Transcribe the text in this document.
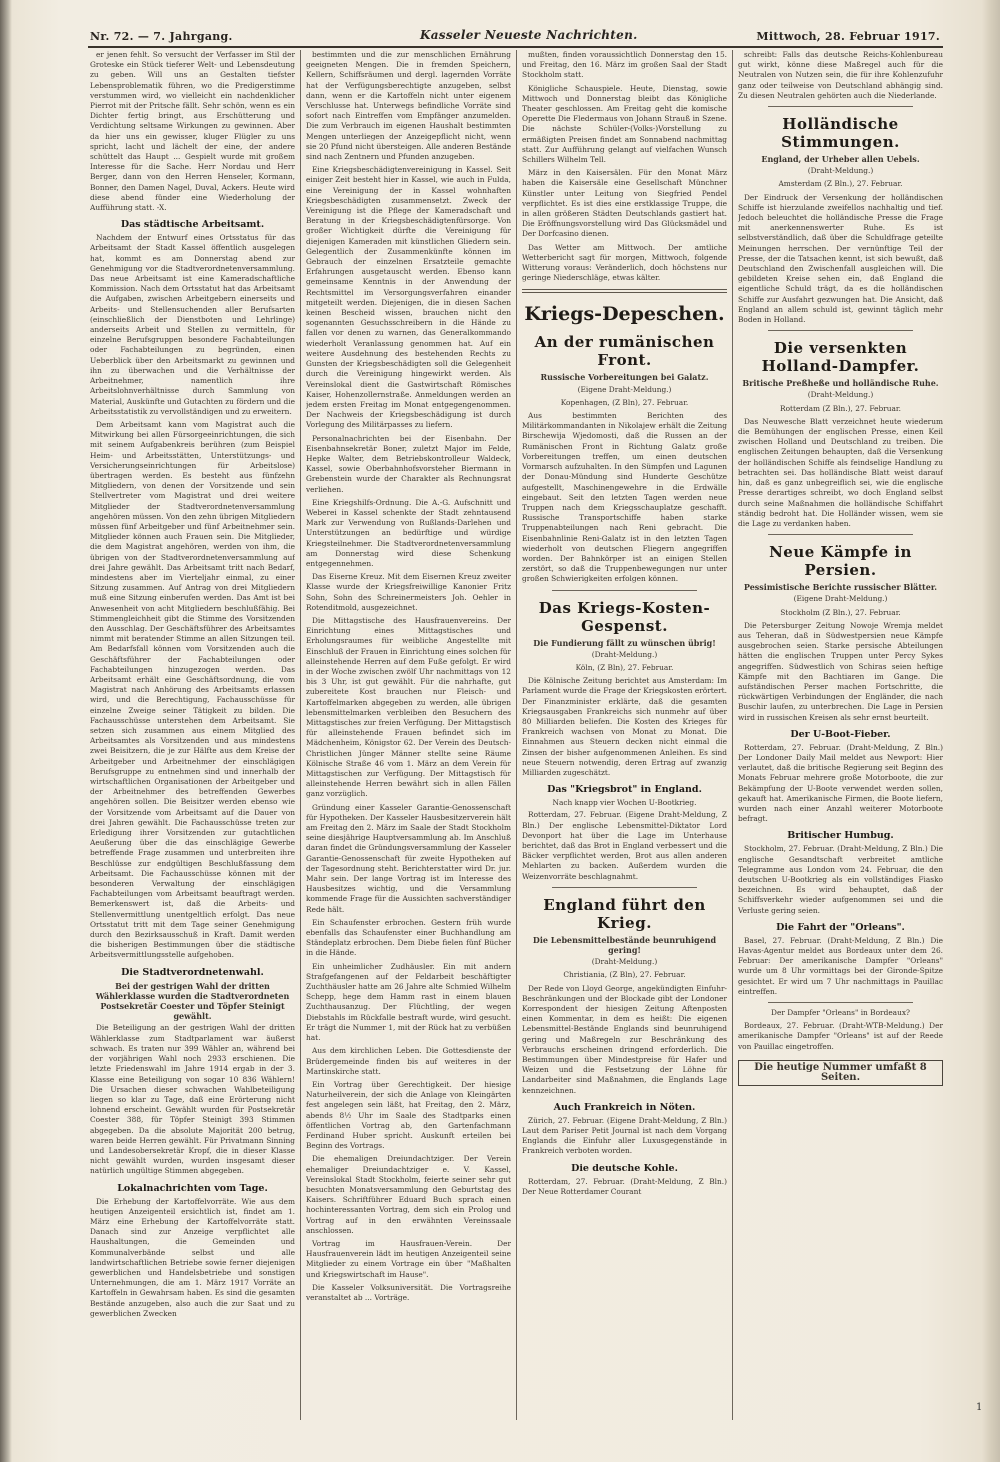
Nr. 72. — 7. Jahrgang.	Kasseler Neueste Nachrichten.	Mittwoch, 28. Februar 1917.

er jenen fehlt. So versucht der Verfasser im Stil der Groteske ein Stück tieferer Welt- und Lebensdeutung zu geben. Will uns an Gestalten tiefster Lebensproblematik führen, wo die Predigerstimme verstummen wird, wo vielleicht ein nachdenklicher Pierrot mit der Pritsche fällt. Sehr schön, wenn es ein Dichter fertig bringt, aus Erschütterung und Verdichtung seltsame Wirkungen zu gewinnen. Aber da hier uns ein gewisser, kluger Flügler zu uns spricht, lacht und lächelt der eine, der andere schüttelt das Haupt ... Gespielt wurde mit großem Interesse für die Sache. Herr Nordau und Herr Berger, dann von den Herren Henseler, Kormann, Bonner, den Damen Nagel, Duval, Ackers. Heute wird diese abend fünder eine Wiederholung der Aufführung statt. -X.

Das städtische Arbeitsamt.

Nachdem der Entwurf eines Ortsstatus für das Arbeitsamt der Stadt Kassel öffentlich ausgelegen hat, kommt es am Donnerstag abend zur Genehmigung vor die Stadtverordnetenversammlung. Das neue Arbeitsamt ist eine Kameradschaftliche Kommission. Nach dem Ortsstatut hat das Arbeitsamt die Aufgaben, zwischen Arbeitgebern einerseits und Arbeits- und Stellensuchenden aller Berufsarten (einschließlich der Dienstboten und Lehrlinge) anderseits Arbeit und Stellen zu vermitteln, für einzelne Berufsgruppen besondere Fachabteilungen oder Fachabteilungen zu begründen, einen Ueberblick über den Arbeitsmarkt zu gewinnen und ihn zu überwachen und die Verhältnisse der Arbeitnehmer, namentlich ihre Arbeitslohnverhältnisse durch Sammlung von Material, Auskünfte und Gutachten zu fördern und die Arbeitsstatistik zu vervollständigen und zu erweitern.

Dem Arbeitsamt kann vom Magistrat auch die Mitwirkung bei allen Fürsorgeeinrichtungen, die sich mit seinem Aufgabenkreis berühren (zum Beispiel Heim- und Arbeitsstätten, Unterstützungs- und Versicherungseinrichtungen für Arbeitslose) übertragen werden. Es besteht aus fünfzehn Mitgliedern, von denen der Vorsitzende und sein Stellvertreter vom Magistrat und drei weitere Mitglieder der Stadtverordnetenversammlung angehören müssen. Von den zehn übrigen Mitgliedern müssen fünf Arbeitgeber und fünf Arbeitnehmer sein. Mitglieder können auch Frauen sein. Die Mitglieder, die dem Magistrat angehören, werden von ihm, die übrigen von der Stadtverordnetenversammlung auf drei Jahre gewählt. Das Arbeitsamt tritt nach Bedarf, mindestens aber im Vierteljahr einmal, zu einer Sitzung zusammen. Auf Antrag von drei Mitgliedern muß eine Sitzung einberufen werden. Das Amt ist bei Anwesenheit von acht Mitgliedern beschlußfähig. Bei Stimmengleichheit gibt die Stimme des Vorsitzenden den Ausschlag. Der Geschäftsführer des Arbeitsamtes nimmt mit beratender Stimme an allen Sitzungen teil. Am Bedarfsfall können vom Vorsitzenden auch die Geschäftsführer der Fachabteilungen oder Fachabteilungen hinzugezogen werden. Das Arbeitsamt erhält eine Geschäftsordnung, die vom Magistrat nach Anhörung des Arbeitsamts erlassen wird, und die Berechtigung, Fachausschüsse für einzelne Zweige seiner Tätigkeit zu bilden. Die Fachausschüsse unterstehen dem Arbeitsamt. Sie setzen sich zusammen aus einem Mitglied des Arbeitsamtes als Vorsitzenden und aus mindestens zwei Beisitzern, die je zur Hälfte aus dem Kreise der Arbeitgeber und Arbeitnehmer der einschlägigen Berufsgruppe zu entnehmen sind und innerhalb der wirtschaftlichen Organisationen der Arbeitgeber und der Arbeitnehmer des betreffenden Gewerbes angehören sollen. Die Beisitzer werden ebenso wie der Vorsitzende vom Arbeitsamt auf die Dauer von drei Jahren gewählt. Die Fachausschüsse treten zur Erledigung ihrer Vorsitzenden zur gutachtlichen Aeußerung über die das einschlägige Gewerbe betreffende Frage zusammen und unterbreiten ihre Beschlüsse zur endgültigen Beschlußfassung dem Arbeitsamt. Die Fachausschüsse können mit der besonderen Verwaltung der einschlägigen Fachabteilungen vom Arbeitsamt beauftragt werden. Bemerkenswert ist, daß die Arbeits- und Stellenvermittlung unentgeltlich erfolgt. Das neue Ortsstatut tritt mit dem Tage seiner Genehmigung durch den Bezirksausschuß in Kraft. Damit werden die bisherigen Bestimmungen über die städtische Arbeitsvermittlungsstelle aufgehoben.

Die Stadtverordnetenwahl.
Bei der gestrigen Wahl der dritten Wählerklasse wurden die Stadtverordneten Postsekretär Coester und Töpfer Steinigt gewählt.

Die Beteiligung an der gestrigen Wahl der dritten Wählerklasse zum Stadtparlament war äußerst schwach. Es traten nur 399 Wähler an, während bei der vorjährigen Wahl noch 2933 erschienen. Die letzte Friedenswahl im Jahre 1914 ergab in der 3. Klasse eine Beteiligung von sogar 10 836 Wählern! Die Ursachen dieser schwachen Wahlbeteiligung liegen so klar zu Tage, daß eine Erörterung nicht lohnend erscheint. Gewählt wurden für Postsekretär Coester 388, für Töpfer Steinigt 393 Stimmen abgegeben. Da die absolute Majorität 200 betrug, waren beide Herren gewählt. Für Privatmann Sinning und Landesobersekretär Kropf, die in dieser Klasse nicht gewählt wurden, wurden insgesamt dieser natürlich ungültige Stimmen abgegeben.

Lokalnachrichten vom Tage.

Die Erhebung der Kartoffelvorräte. Wie aus dem heutigen Anzeigenteil ersichtlich ist, findet am 1. März eine Erhebung der Kartoffelvorräte statt. Danach sind zur Anzeige verpflichtet alle Haushaltungen, die Gemeinden und Kommunalverbände selbst und alle landwirtschaftlichen Betriebe sowie ferner diejenigen gewerblichen und Handelsbetriebe und sonstigen Unternehmungen, die am 1. März 1917 Vorräte an Kartoffeln in Gewahrsam haben. Es sind die gesamten Bestände anzugeben, also auch die zur Saat und zu gewerblichen Zwecken

bestimmten und die zur menschlichen Ernährung geeigneten Mengen. Die in fremden Speichern, Kellern, Schiffsräumen und dergl. lagernden Vorräte hat der Verfügungsberechtigte anzugeben, selbst dann, wenn er die Kartoffeln nicht unter eigenem Verschlusse hat. Unterwegs befindliche Vorräte sind sofort nach Eintreffen vom Empfänger anzumelden. Die zum Verbrauch im eigenen Haushalt bestimmten Mengen unterliegen der Anzeigepflicht nicht, wenn sie 20 Pfund nicht übersteigen. Alle anderen Bestände sind nach Zentnern und Pfunden anzugeben.

Eine Kriegsbeschädigtenvereinigung in Kassel. Seit einiger Zeit besteht hier in Kassel, wie auch in Fulda, eine Vereinigung der in Kassel wohnhaften Kriegsbeschädigten zusammensetzt. Zweck der Vereinigung ist die Pflege der Kameradschaft und Beratung in der Kriegsbeschädigtenfürsorge. Von großer Wichtigkeit dürfte die Vereinigung für diejenigen Kameraden mit künstlichen Gliedern sein. Gelegentlich der Zusammenkünfte können im Gebrauch der einzelnen Ersatzteile gemachte Erfahrungen ausgetauscht werden. Ebenso kann gemeinsame Kenntnis in der Anwendung der Rechtsmittel im Versorgungsverfahren einander mitgeteilt werden. Diejenigen, die in diesen Sachen keinen Bescheid wissen, brauchen nicht den sogenannten Gesuchsschreibern in die Hände zu fallen vor denen zu warnen, das Generalkommando wiederholt Veranlassung genommen hat. Auf ein weitere Ausdehnung des bestehenden Rechts zu Gunsten der Kriegsbeschädigten soll die Gelegenheit durch die Vereinigung hingewirkt werden. Als Vereinslokal dient die Gastwirtschaft Römisches Kaiser, Hohenzollernstraße. Anmeldungen werden an jedem ersten Freitag im Monat entgegengenommen. Der Nachweis der Kriegsbeschädigung ist durch Vorlegung des Militärpasses zu liefern.

Personalnachrichten bei der Eisenbahn. Der Eisenbahnsekretär Boner, zuletzt Major im Felde, Hepke Walter, dem Betriebskontrolleur Waldeck, Kassel, sowie Oberbahnhofsvorsteher Biermann in Grebenstein wurde der Charakter als Rechnungsrat verliehen.

Eine Kriegshilfs-Ordnung. Die A.-G. Aufschnitt und Weberei in Kassel schenkte der Stadt zehntausend Mark zur Verwendung von Rußlands-Darlehen und Unterstützungen an bedürftige und würdige Kriegsteilnehmer. Die Stadtverordnetenversammlung am Donnerstag wird diese Schenkung entgegennehmen.

Das Eiserne Kreuz. Mit dem Eisernen Kreuz zweiter Klasse wurde der Kriegsfreiwillige Kanonier Fritz Sohn, Sohn des Schreinermeisters Joh. Oehler in Rotenditmold, ausgezeichnet.

Die Mittagstische des Hausfrauenvereins. Der Einrichtung eines Mittagstisches und Erholungsraumes für weibliche Angestellte mit Einschluß der Frauen in Einrichtung eines solchen für alleinstehende Herren auf dem Fuße gefolgt. Er wird in der Woche zwischen zwölf Uhr nachmittags von 12 bis 3 Uhr, ist gut gewählt. Für die nahrhafte, gut zubereitete Kost brauchen nur Fleisch- und Kartoffelmarken abgegeben zu werden, alle übrigen lebensmittelmarken verbleiben den Besuchern des Mittagstisches zur freien Verfügung. Der Mittagstisch für alleinstehende Frauen befindet sich im Mädchenheim, Königstor 62. Der Verein des Deutsch-Christlichen Jünger Männer stellte seine Räume Kölnische Straße 46 vom 1. März an dem Verein für Mittagstischen zur Verfügung. Der Mittagstisch für alleinstehende Herren bewährt sich in allen Fällen ganz vorzüglich.

Gründung einer Kasseler Garantie-Genossenschaft für Hypotheken. Der Kasseler Hausbesitzerverein hält am Freitag den 2. März im Saale der Stadt Stockholm seine diesjährige Hauptversammlung ab. Im Anschluß daran findet die Gründungsversammlung der Kasseler Garantie-Genossenschaft für zweite Hypotheken auf der Tagesordnung steht. Berichterstatter wird Dr. jur. Mahr sein. Der lange Vortrag ist im Interesse des Hausbesitzes wichtig, und die Versammlung kommende Frage für die Aussichten sachverständiger Rede hält.

Ein Schaufenster erbrochen. Gestern früh wurde ebenfalls das Schaufenster einer Buchhandlung am Ständeplatz erbrochen. Dem Diebe fielen fünf Bücher in die Hände.

Ein unheimlicher Zudhäusler. Ein mit andern Strafgefangenen auf der Feldarbeit beschäftigter Zuchthäusler hatte am 26 Jahre alte Schmied Wilhelm Schepp, hege dem Hamm rast in einem blauen Zuchthausanzug. Der Flüchtling, der wegen Diebstahls im Rückfalle bestraft wurde, wird gesucht. Er trägt die Nummer 1, mit der Rück hat zu verbüßen hat.

Aus dem kirchlichen Leben. Die Gottesdienste der Brüdergemeinde finden bis auf weiteres in der Martinskirche statt.

Ein Vortrag über Gerechtigkeit. Der hiesige Naturheilverein, der sich die Anlage von Kleingärten fest angelegen sein läßt, hat Freitag, den 2. März, abends 8½ Uhr im Saale des Stadtparks einen öffentlichen Vortrag ab, den Gartenfachmann Ferdinand Huber spricht. Auskunft erteilen bei Beginn des Vortrags.

Die ehemaligen Dreiundachtziger. Der Verein ehemaliger Dreiundachtziger e. V. Kassel, Vereinslokal Stadt Stockholm, feierte seiner sehr gut besuchten Monatsversammlung den Geburtstag des Kaisers. Schriftführer Eduard Buch sprach einen hochinteressanten Vortrag, dem sich ein Prolog und Vortrag auf in den erwähnten Vereinssaale anschlossen.

Vortrag im Hausfrauen-Verein. Der Hausfrauenverein lädt im heutigen Anzeigenteil seine Mitglieder zu einem Vortrage ein über "Maßhalten und Kriegswirtschaft im Hause".

Die Kasseler Volksuniversität. Die Vortragsreihe veranstaltet ab ... Vorträge.

mußten, finden voraussichtlich Donnerstag den 15. und Freitag, den 16. März im großen Saal der Stadt Stockholm statt.

Königliche Schauspiele. Heute, Dienstag, sowie Mittwoch und Donnerstag bleibt das Königliche Theater geschlossen. Am Freitag geht die komische Operette Die Fledermaus von Johann Strauß in Szene. Die nächste Schüler-(Volks-)Vorstellung zu ermäßigten Preisen findet am Sonnabend nachmittag statt. Zur Aufführung gelangt auf vielfachen Wunsch Schillers Wilhelm Tell.

März in den Kaisersälen. Für den Monat März haben die Kaisersäle eine Gesellschaft Münchner Künstler unter Leitung von Siegfried Pendel verpflichtet. Es ist dies eine erstklassige Truppe, die in allen größeren Städten Deutschlands gastiert hat. Die Eröffnungsvorstellung wird Das Glücksmädel und Der Dorfcasino dienen.

Das Wetter am Mittwoch. Der amtliche Wetterbericht sagt für morgen, Mittwoch, folgende Witterung voraus: Veränderlich, doch höchstens nur geringe Niederschläge, etwas kälter.

Kriegs-Depeschen.
An der rumänischen Front.
Russische Vorbereitungen bei Galatz.
(Eigene Draht-Meldung.)
Kopenhagen, (Z Bln), 27. Februar.

Aus bestimmten Berichten des Militärkommandanten in Nikolajew erhält die Zeitung Birschewija Wjedomosti, daß die Russen an der Rumänischen Front in Richtung Galatz große Vorbereitungen treffen, um einen deutschen Vormarsch aufzuhalten. In den Sümpfen und Lagunen der Donau-Mündung sind Hunderte Geschütze aufgestellt, Maschinengewehre in die Erdwälle eingebaut. Seit den letzten Tagen werden neue Truppen nach dem Kriegsschauplatze geschafft. Russische Transportschiffe haben starke Truppenabteilungen nach Reni gebracht. Die Eisenbahnlinie Reni-Galatz ist in den letzten Tagen wiederholt von deutschen Fliegern angegriffen worden. Der Bahnkörper ist an einigen Stellen zerstört, so daß die Truppenbewegungen nur unter großen Schwierigkeiten erfolgen können.

Das Kriegs-Kosten-Gespenst.
Die Fundierung fällt zu wünschen übrig!
(Draht-Meldung.)
Köln, (Z Bln), 27. Februar.

Die Kölnische Zeitung berichtet aus Amsterdam: Im Parlament wurde die Frage der Kriegskosten erörtert. Der Finanzminister erklärte, daß die gesamten Kriegsausgaben Frankreichs sich nunmehr auf über 80 Milliarden beliefen. Die Kosten des Krieges für Frankreich wachsen von Monat zu Monat. Die Einnahmen aus Steuern decken nicht einmal die Zinsen der bisher aufgenommenen Anleihen. Es sind neue Steuern notwendig, deren Ertrag auf zwanzig Milliarden zugeschätzt.

Das "Kriegsbrot" in England.
Nach knapp vier Wochen U-Bootkrieg.

Rotterdam, 27. Februar. (Eigene Draht-Meldung, Z Bln.) Der englische Lebensmittel-Diktator Lord Devonport hat über die Lage im Unterhause berichtet, daß das Brot in England verbessert und die Bäcker verpflichtet werden, Brot aus allen anderen Mehlarten zu backen. Außerdem wurden die Weizenvorräte beschlagnahmt.

England führt den Krieg.
Die Lebensmittelbestände beunruhigend gering!
(Draht-Meldung.)
Christiania, (Z Bln), 27. Februar.

Der Rede von Lloyd George, angekündigten Einfuhr-Beschränkungen und der Blockade gibt der Londoner Korrespondent der hiesigen Zeitung Aftenposten einen Kommentar, in dem es heißt: Die eigenen Lebensmittel-Bestände Englands sind beunruhigend gering und Maßregeln zur Beschränkung des Verbrauchs erscheinen dringend erforderlich. Die Bestimmungen über Mindestpreise für Hafer und Weizen und die Festsetzung der Löhne für Landarbeiter sind Maßnahmen, die Englands Lage kennzeichnen.

Auch Frankreich in Nöten.

Zürich, 27. Februar. (Eigene Draht-Meldung, Z Bln.) Laut dem Pariser Petit Journal ist nach dem Vorgang Englands die Einfuhr aller Luxusgegenstände in Frankreich verboten worden.

Die deutsche Kohle.

Rotterdam, 27. Februar. (Draht-Meldung, Z Bln.) Der Neue Rotterdamer Courant

schreibt: Falls das deutsche Reichs-Kohlenbureau gut wirkt, könne diese Maßregel auch für die Neutralen von Nutzen sein, die für ihre Kohlenzufuhr ganz oder teilweise von Deutschland abhängig sind. Zu diesen Neutralen gehörten auch die Niederlande.

Holländische Stimmungen.
England, der Urheber allen Uebels.
(Draht-Meldung.)
Amsterdam (Z Bln.), 27. Februar.

Der Eindruck der Versenkung der holländischen Schiffe ist hierzulande zweifellos nachhaltig und tief. Jedoch beleuchtet die holländische Presse die Frage mit anerkennenswerter Ruhe. Es ist selbstverständlich, daß über die Schuldfrage geteilte Meinungen herrschen. Der vernünftige Teil der Presse, der die Tatsachen kennt, ist sich bewußt, daß Deutschland den Zwischenfall ausgleichen will. Die gebildeten Kreise sehen ein, daß England die eigentliche Schuld trägt, da es die holländischen Schiffe zur Ausfahrt gezwungen hat. Die Ansicht, daß England an allem schuld ist, gewinnt täglich mehr Boden in Holland.

Die versenkten Holland-Dampfer.
Britische Preßheße und holländische Ruhe.
(Draht-Meldung.)
Rotterdam (Z Bln.), 27. Februar.

Das Neuwesche Blatt verzeichnet heute wiederum die Bemühungen der englischen Presse, einen Keil zwischen Holland und Deutschland zu treiben. Die englischen Zeitungen behaupten, daß die Versenkung der holländischen Schiffe als feindselige Handlung zu betrachten sei. Das holländische Blatt weist darauf hin, daß es ganz unbegreiflich sei, wie die englische Presse derartiges schreibt, wo doch England selbst durch seine Maßnahmen die holländische Schiffahrt ständig bedroht hat. Die Holländer wissen, wem sie die Lage zu verdanken haben.

Neue Kämpfe in Persien.
Pessimistische Berichte russischer Blätter.
(Eigene Draht-Meldung.)
Stockholm (Z Bln.), 27. Februar.

Die Petersburger Zeitung Nowoje Wremja meldet aus Teheran, daß in Südwestpersien neue Kämpfe ausgebrochen seien. Starke persische Abteilungen hätten die englischen Truppen unter Percy Sykes angegriffen. Südwestlich von Schiras seien heftige Kämpfe mit den Bachtiaren im Gange. Die aufständischen Perser machen Fortschritte, die rückwärtigen Verbindungen der Engländer, die nach Buschir laufen, zu unterbrechen. Die Lage in Persien wird in russischen Kreisen als sehr ernst beurteilt.

Der U-Boot-Fieber.

Rotterdam, 27. Februar. (Draht-Meldung, Z Bln.) Der Londoner Daily Mail meldet aus Newport: Hier verlautet, daß die britische Regierung seit Beginn des Monats Februar mehrere große Motorboote, die zur Bekämpfung der U-Boote verwendet werden sollen, gekauft hat. Amerikanische Firmen, die Boote liefern, wurden nach einer Anzahl weiterer Motorboote befragt.

Britischer Humbug.

Stockholm, 27. Februar. (Draht-Meldung, Z Bln.) Die englische Gesandtschaft verbreitet amtliche Telegramme aus London vom 24. Februar, die den deutschen U-Bootkrieg als ein vollständiges Fiasko bezeichnen. Es wird behauptet, daß der Schiffsverkehr wieder aufgenommen sei und die Verluste gering seien.

Die Fahrt der "Orleans".

Basel, 27. Februar. (Draht-Meldung, Z Bln.) Die Havas-Agentur meldet aus Bordeaux unter dem 26. Februar: Der amerikanische Dampfer "Orleans" wurde um 8 Uhr vormittags bei der Gironde-Spitze gesichtet. Er wird um 7 Uhr nachmittags in Pauillac eintreffen.

Der Dampfer "Orleans" in Bordeaux?

Bordeaux, 27. Februar. (Draht-WTB-Meldung.) Der amerikanische Dampfer "Orleans" ist auf der Reede von Pauillac eingetroffen.

Die heutige Nummer umfaßt 8 Seiten.
1
